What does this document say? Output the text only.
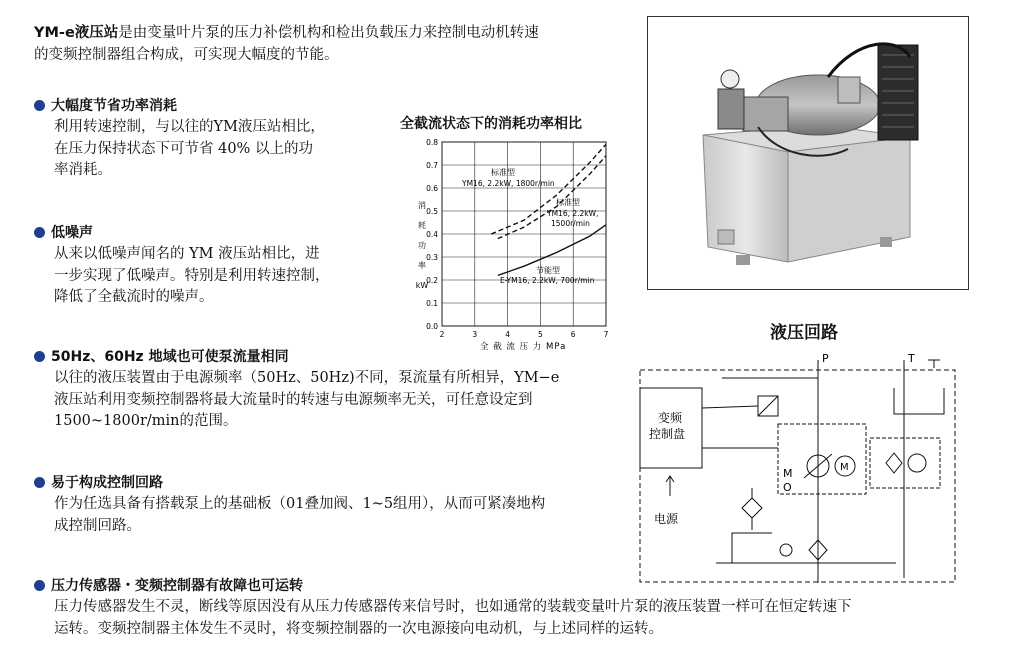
YM-e液压站是由变量叶片泵的压力补偿机构和检出负载压力来控制电动机转速
的变频控制器组合构成，可实现大幅度的节能。
大幅度节省功率消耗
利用转速控制，与以往的YM液压站相比，
在压力保持状态下可节省 40% 以上的功
率消耗。
低噪声
从来以低噪声闻名的 YM 液压站相比，进
一步实现了低噪声。特别是利用转速控制，
降低了全截流时的噪声。
50Hz、60Hz 地域也可使泵流量相同
以往的液压装置由于电源频率（50Hz、50Hz)不同，泵流量有所相异，YM−e
液压站利用变频控制器将最大流量时的转速与电源频率无关，可任意设定到
1500~1800r/min的范围。
易于构成控制回路
作为任选具备有搭载泵上的基础板（01叠加阀、1~5组用），从而可紧凑地构
成控制回路。
压力传感器・变频控制器有故障也可运转
压力传感器发生不灵，断线等原因没有从压力传感器传来信号时，也如通常的装载变量叶片泵的液压装置一样可在恒定转速下
运转。变频控制器主体发生不灵时，将变频控制器的一次电源接向电动机，与上述同样的运转。
全截流状态下的消耗功率相比
0.0
0.1
0.2
0.3
0.4
0.5
0.6
0.7
0.8
2	3	4	5	6	7
消
耗
功
率
kW
标准型
YM16, 2.2kW, 1800r/min
标准型
YM16, 2.2kW,
1500r/min
节能型
E-YM16, 2.2kW, 700r/min
全 截 流 压 力 MPa
液压回路
P	T
变频
控制盘
电源
M
O
M
